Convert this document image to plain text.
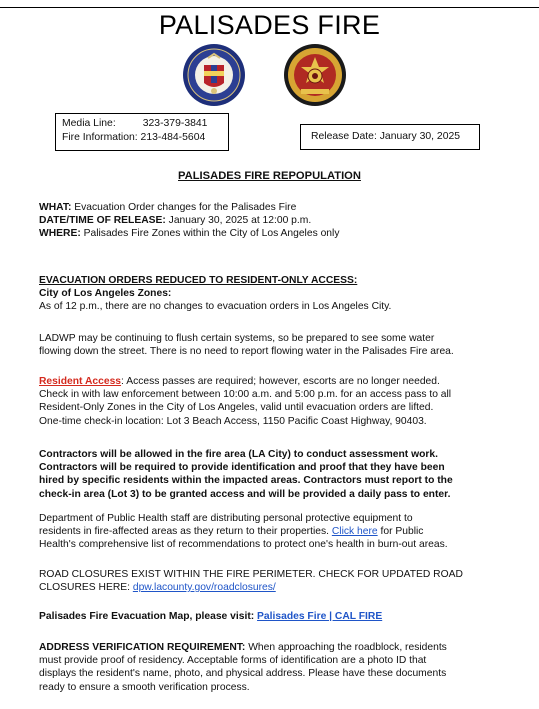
PALISADES FIRE
Media Line:	323-379-3841
Fire Information: 213-484-5604	Release Date: January 30, 2025
PALISADES FIRE REPOPULATION
WHAT: Evacuation Order changes for the Palisades Fire
DATE/TIME OF RELEASE: January 30, 2025 at 12:00 p.m.
WHERE: Palisades Fire Zones within the City of Los Angeles only
EVACUATION ORDERS REDUCED TO RESIDENT-ONLY ACCESS:
City of Los Angeles Zones:
As of 12 p.m., there are no changes to evacuation orders in Los Angeles City.
LADWP may be continuing to flush certain systems, so be prepared to see some water
flowing down the street. There is no need to report flowing water in the Palisades Fire area.
Resident Access: Access passes are required; however, escorts are no longer needed.
Check in with law enforcement between 10:00 a.m. and 5:00 p.m. for an access pass to all
Resident-Only Zones in the City of Los Angeles, valid until evacuation orders are lifted.
One-time check-in location: Lot 3 Beach Access, 1150 Pacific Coast Highway, 90403.
Contractors will be allowed in the fire area (LA City) to conduct assessment work.
Contractors will be required to provide identification and proof that they have been
hired by specific residents within the impacted areas. Contractors must report to the
check-in area (Lot 3) to be granted access and will be provided a daily pass to enter.
Department of Public Health staff are distributing personal protective equipment to
residents in fire-affected areas as they return to their properties. Click here for Public
Health's comprehensive list of recommendations to protect one's health in burn-out areas.
ROAD CLOSURES EXIST WITHIN THE FIRE PERIMETER. CHECK FOR UPDATED ROAD
CLOSURES HERE: dpw.lacounty.gov/roadclosures/
Palisades Fire Evacuation Map, please visit: Palisades Fire | CAL FIRE
ADDRESS VERIFICATION REQUIREMENT: When approaching the roadblock, residents
must provide proof of residency. Acceptable forms of identification are a photo ID that
displays the resident's name, photo, and physical address. Please have these documents
ready to ensure a smooth verification process.
